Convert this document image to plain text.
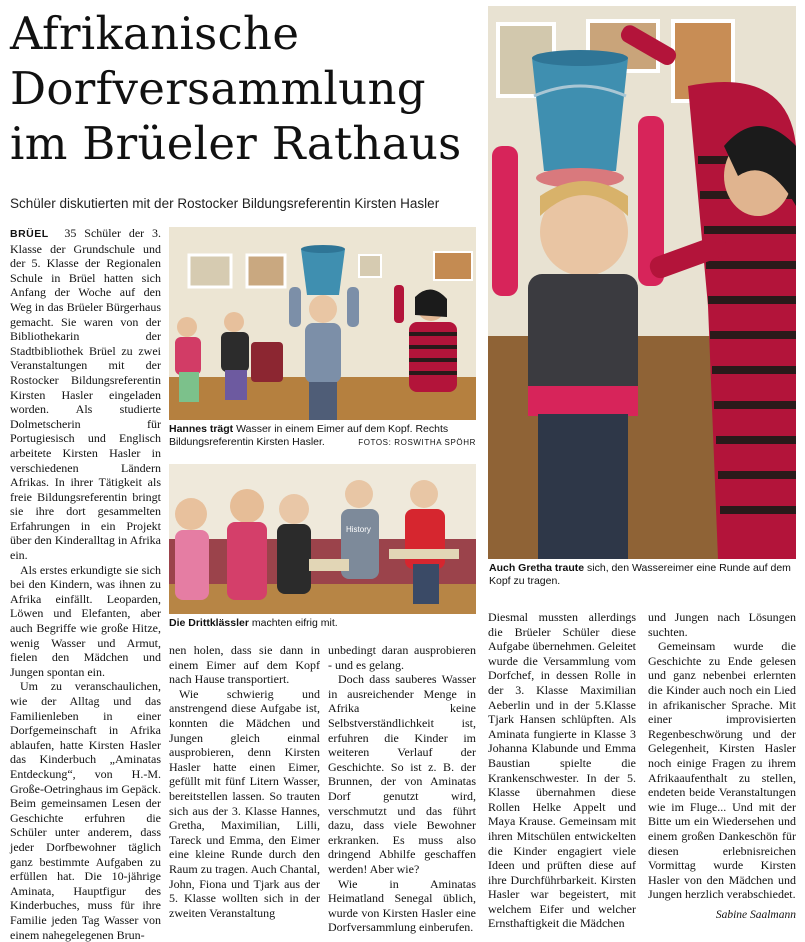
Afrikanische
Dorfversammlung
im Brüeler Rathaus
Schüler diskutierten mit der Rostocker Bildungsreferentin Kirsten Hasler

BRÜEL 35 Schüler der 3. Klasse der Grundschule und der 5. Klasse der Regionalen Schule in Brüel hatten sich Anfang der Woche auf den Weg in das Brüeler Bürgerhaus gemacht. Sie waren von der Bibliothekarin der Stadtbibliothek Brüel zu zwei Veranstaltungen mit der Rostocker Bildungsreferentin Kirsten Hasler eingeladen worden. Als studierte Dolmetscherin für Portugiesisch und Englisch arbeitete Kirsten Hasler in verschiedenen Ländern Afrikas. In ihrer Tätigkeit als freie Bildungsreferentin bringt sie ihre dort gesammelten Erfahrungen in ein Projekt über den Kinderalltag in Afrika ein.

Als erstes erkundigte sie sich bei den Kindern, was ihnen zu Afrika einfällt. Leoparden, Löwen und Elefanten, aber auch Begriffe wie große Hitze, wenig Wasser und Armut, fielen den Mädchen und Jungen spontan ein.

Um zu veranschaulichen, wie der Alltag und das Familienleben in einer Dorfgemeinschaft in Afrika ablaufen, hatte Kirsten Hasler das Kinderbuch „Aminatas Entdeckung“, von H.-M. Große-Oetringhaus im Gepäck. Beim gemeinsamen Lesen der Geschichte erfuhren die Schüler unter anderem, dass jeder Dorfbewohner täglich ganz bestimmte Aufgaben zu erfüllen hat. Die 10-jährige Aminata, Hauptfigur des Kinderbuches, muss für ihre Familie jeden Tag Wasser von einem nahegelegenen Brun-

Hannes trägt Wasser in einem Eimer auf dem Kopf. Rechts Bildungsreferentin Kirsten Hasler.	FOTOS: ROSWITHA SPÖHR
History
Die Drittklässler machten eifrig mit.

nen holen, dass sie dann in einem Eimer auf dem Kopf nach Hause transportiert.

Wie schwierig und anstrengend diese Aufgabe ist, konnten die Mädchen und Jungen gleich einmal ausprobieren, denn Kirsten Hasler hatte einen Eimer, gefüllt mit fünf Litern Wasser, bereitstellen lassen. So trauten sich aus der 3. Klasse Hannes, Gretha, Maximilian, Lilli, Tareck und Emma, den Eimer eine kleine Runde durch den Raum zu tragen. Auch Chantal, John, Fiona und Tjark aus der 5. Klasse wollten sich in der zweiten Veranstaltung

unbedingt daran ausprobieren - und es gelang.

Doch dass sauberes Wasser in ausreichender Menge in Afrika keine Selbstverständlichkeit ist, erfuhren die Kinder im weiteren Verlauf der Geschichte. So ist z. B. der Brunnen, der von Aminatas Dorf genutzt wird, verschmutzt und das führt dazu, dass viele Bewohner erkranken. Es muss also dringend Abhilfe geschaffen werden! Aber wie?

Wie in Aminatas Heimatland Senegal üblich, wurde von Kirsten Hasler eine Dorfversammlung einberufen.

Auch Gretha traute sich, den Wassereimer eine Runde auf dem Kopf zu tragen.

Diesmal mussten allerdings die Brüeler Schüler diese Aufgabe übernehmen. Geleitet wurde die Versammlung vom Dorfchef, in dessen Rolle in der 3. Klasse Maximilian Aeberlin und in der 5.Klasse Tjark Hansen schlüpften. Als Aminata fungierte in Klasse 3 Johanna Klabunde und Emma Baustian spielte die Krankenschwester. In der 5. Klasse übernahmen diese Rollen Helke Appelt und Maya Krause. Gemeinsam mit ihren Mitschülen entwickelten die Kinder engagiert viele Ideen und prüften diese auf ihre Durchführbarkeit. Kirsten Hasler war begeistert, mit welchem Eifer und welcher Ernsthaftigkeit die Mädchen

und Jungen nach Lösungen suchten.

Gemeinsam wurde die Geschichte zu Ende gelesen und ganz nebenbei erlernten die Kinder auch noch ein Lied in afrikanischer Sprache. Mit einer improvisierten Regenbeschwörung und der Gelegenheit, Kirsten Hasler noch einige Fragen zu ihrem Afrikaaufenthalt zu stellen, endeten beide Veranstaltungen wie im Fluge... Und mit der Bitte um ein Wiedersehen und einem großen Dankeschön für diesen erlebnisreichen Vormittag wurde Kirsten Hasler von den Mädchen und Jungen herzlich verabschiedet.

Sabine Saalmann
